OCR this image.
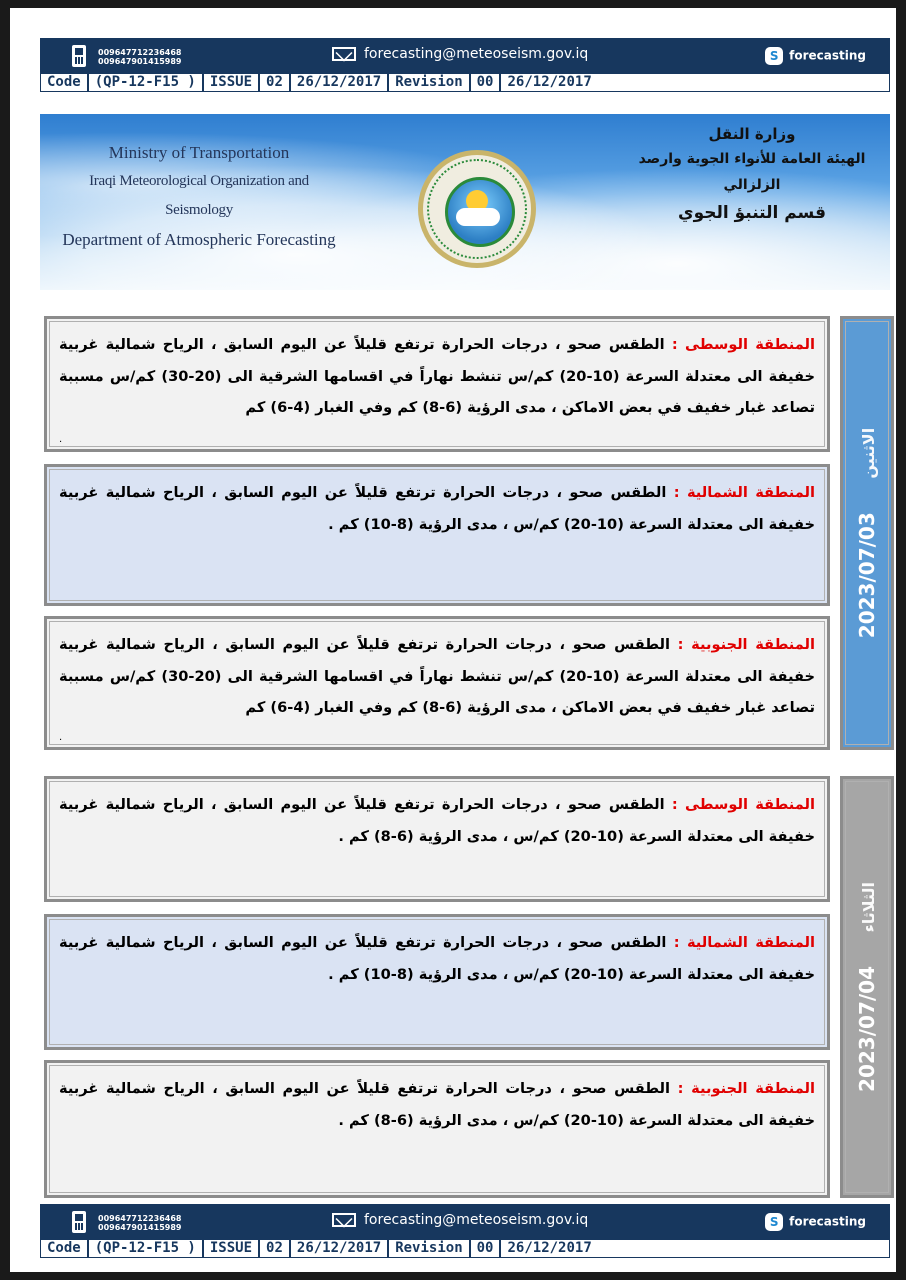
009647712236468
009647901415989	forecasting@meteoseism.gov.iq	S forecasting
Code	(QP-12-F15 )	ISSUE	02	26/12/2017	Revision	00	26/12/2017
Ministry of Transportation
Iraqi Meteorological Organization and Seismology
Department of Atmospheric Forecasting
وزارة النقل
الهيئة العامة للأنواء الجوية وارصد الزلزالي
قسم التنبؤ الجوي
المنطقة الوسطى : الطقس صحو ، درجات الحرارة ترتفع قليلاً عن اليوم السابق ، الرياح شمالية غربية خفيفة الى معتدلة السرعة (10-20) كم/س تنشط نهاراً في اقسامها الشرقية الى (20-30) كم/س مسببة تصاعد غبار خفيف في بعض الاماكن ، مدى الرؤية (6-8) كم وفي الغبار (4-6) كم
.
المنطقة الشمالية : الطقس صحو ، درجات الحرارة ترتفع قليلاً عن اليوم السابق ، الرياح شمالية غربية خفيفة الى معتدلة السرعة (10-20) كم/س ، مدى الرؤية (8-10) كم .
المنطقة الجنوبية : الطقس صحو ، درجات الحرارة ترتفع قليلاً عن اليوم السابق ، الرياح شمالية غربية خفيفة الى معتدلة السرعة (10-20) كم/س تنشط نهاراً في اقسامها الشرقية الى (20-30) كم/س مسببة تصاعد غبار خفيف في بعض الاماكن ، مدى الرؤية (6-8) كم وفي الغبار (4-6) كم
.
2023/07/03 الاثنين
المنطقة الوسطى : الطقس صحو ، درجات الحرارة ترتفع قليلاً عن اليوم السابق ، الرياح شمالية غربية خفيفة الى معتدلة السرعة (10-20) كم/س ، مدى الرؤية (6-8) كم .
المنطقة الشمالية : الطقس صحو ، درجات الحرارة ترتفع قليلاً عن اليوم السابق ، الرياح شمالية غربية خفيفة الى معتدلة السرعة (10-20) كم/س ، مدى الرؤية (8-10) كم .
المنطقة الجنوبية : الطقس صحو ، درجات الحرارة ترتفع قليلاً عن اليوم السابق ، الرياح شمالية غربية خفيفة الى معتدلة السرعة (10-20) كم/س ، مدى الرؤية (6-8) كم .
2023/07/04 الثلاثاء
009647712236468
009647901415989	forecasting@meteoseism.gov.iq	S forecasting
Code	(QP-12-F15 )	ISSUE	02	26/12/2017	Revision	00	26/12/2017
